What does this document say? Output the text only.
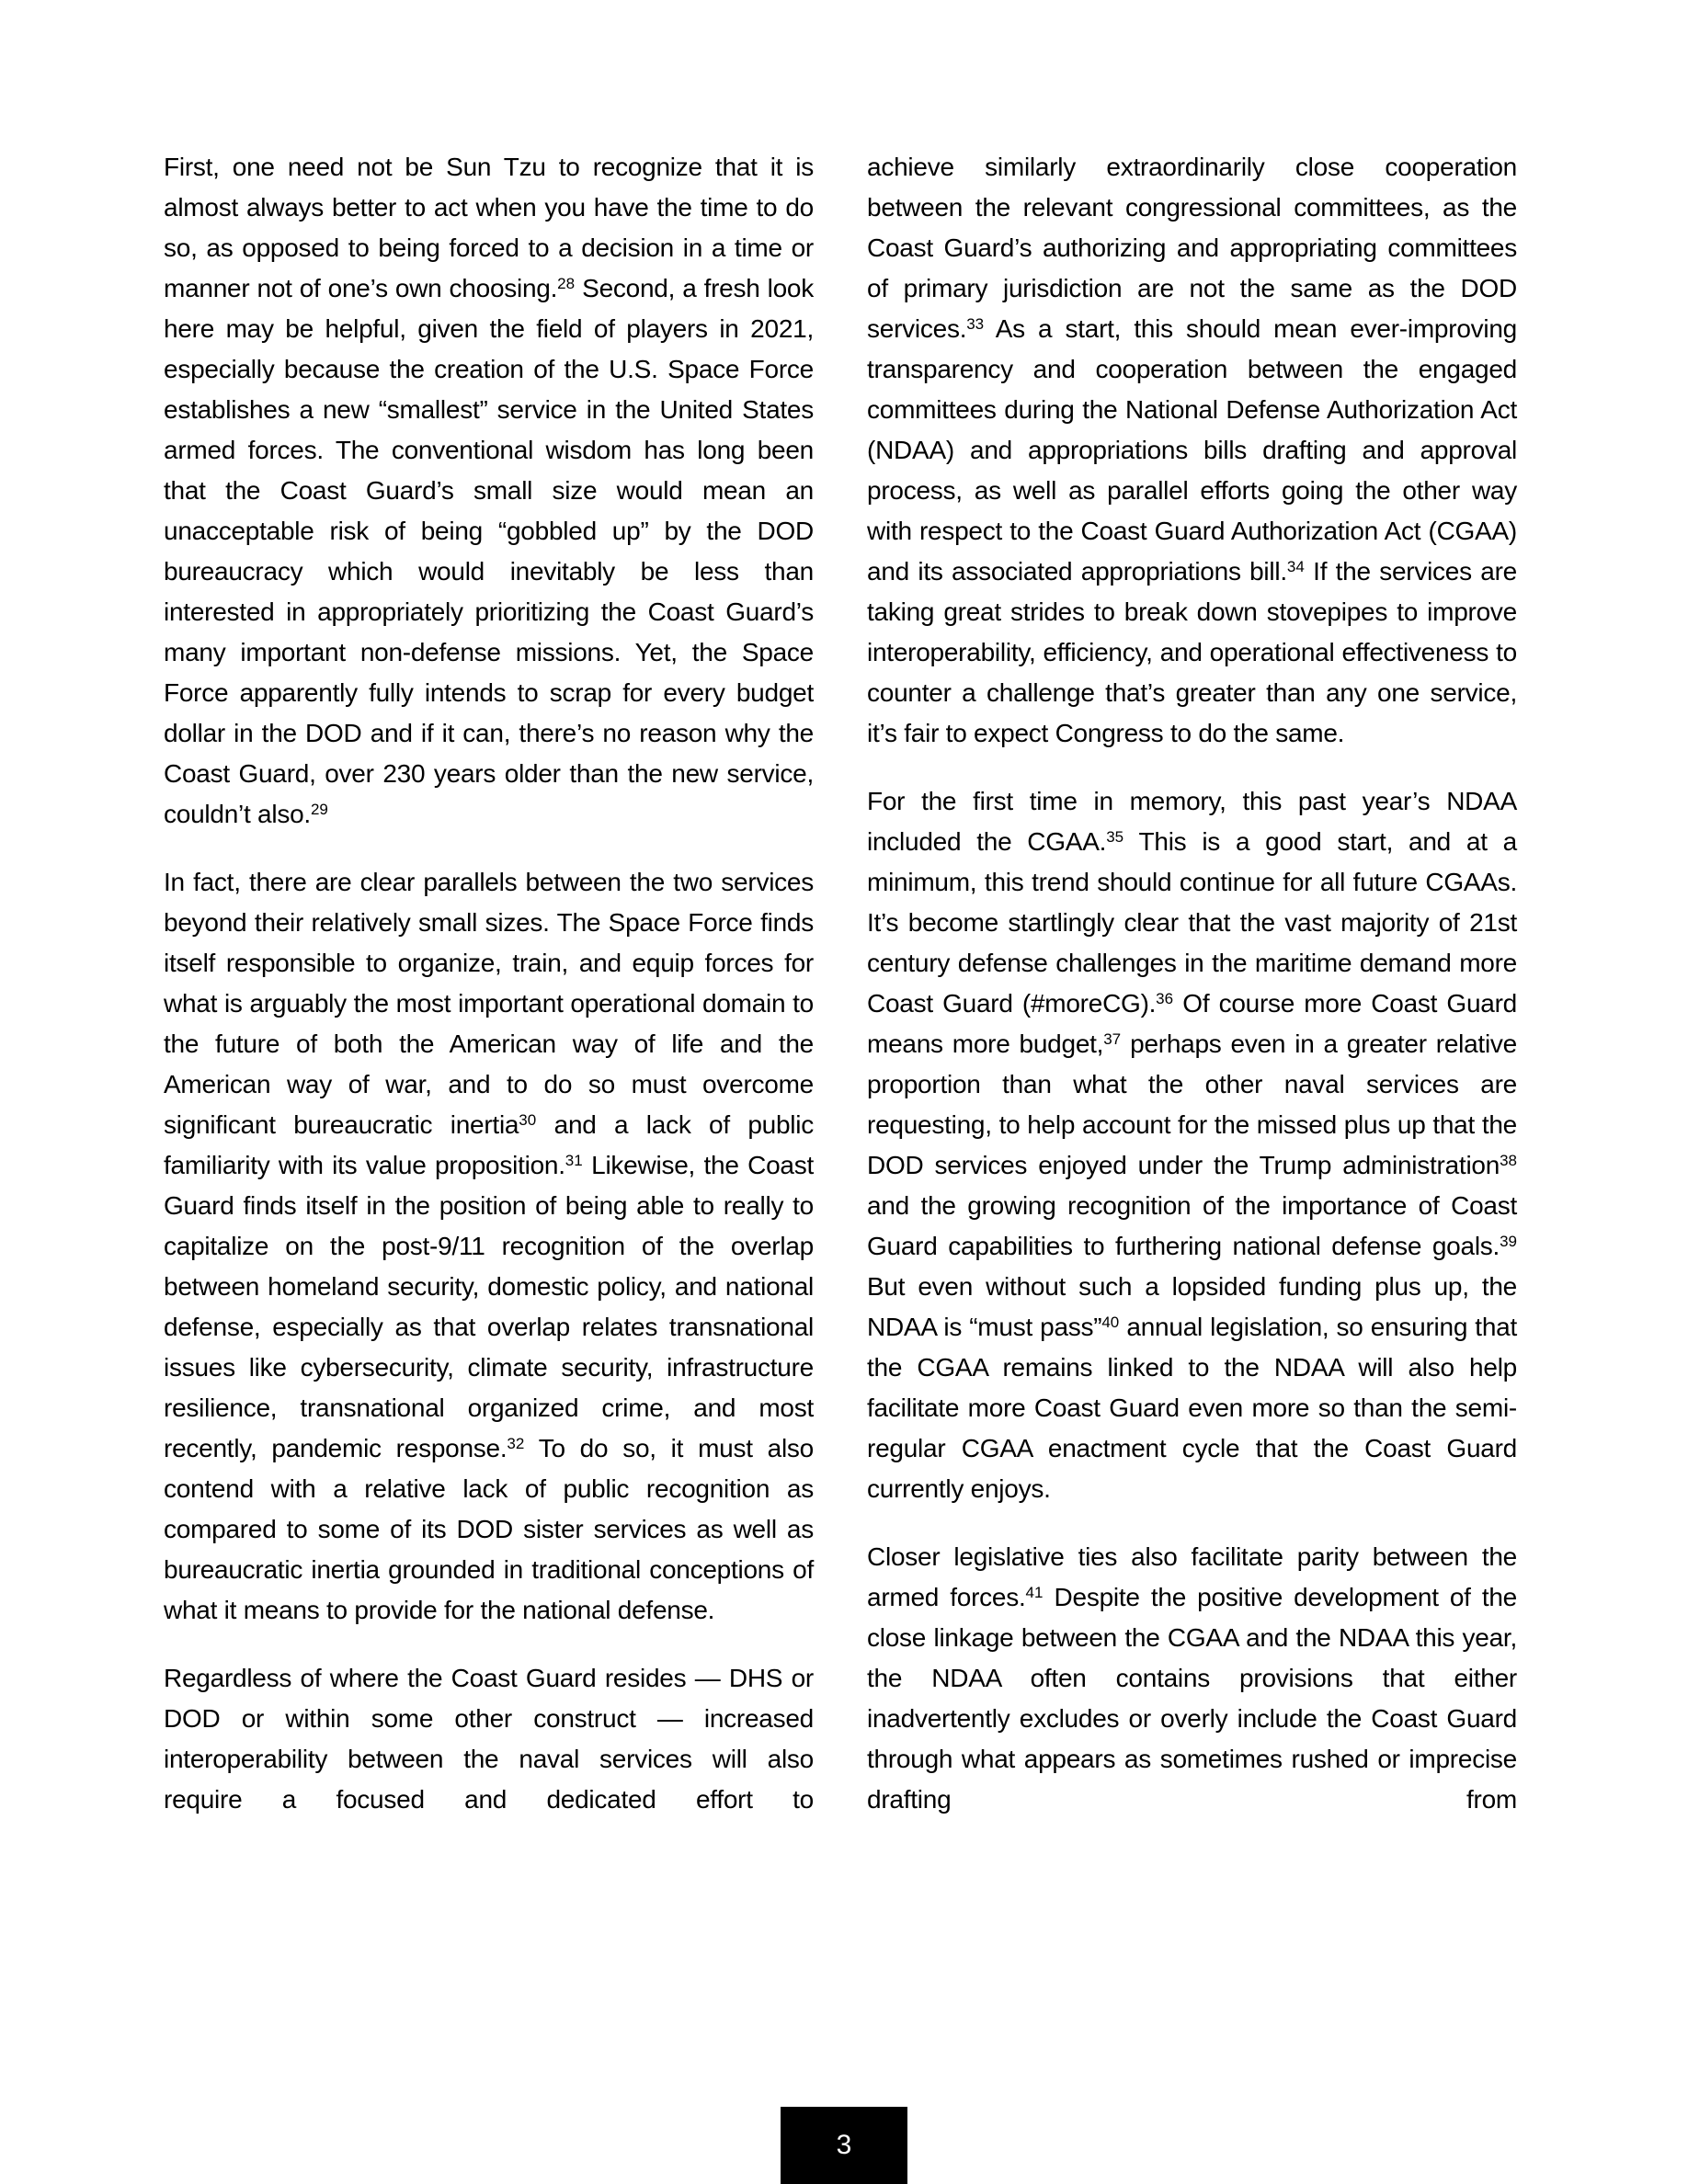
First, one need not be Sun Tzu to recognize that it is almost always better to act when you have the time to do so, as opposed to being forced to a decision in a time or manner not of one’s own choosing.$^{28}$ Second, a fresh look here may be helpful, given the field of players in 2021, especially because the creation of the U.S. Space Force establishes a new “smallest” service in the United States armed forces. The conventional wisdom has long been that the Coast Guard’s small size would mean an unacceptable risk of being “gobbled up” by the DOD bureaucracy which would inevitably be less than interested in appropriately prioritizing the Coast Guard’s many important non-defense missions. Yet, the Space Force apparently fully intends to scrap for every budget dollar in the DOD and if it can, there’s no reason why the Coast Guard, over 230 years older than the new service, couldn’t also.$^{29}$

In fact, there are clear parallels between the two services beyond their relatively small sizes. The Space Force finds itself responsible to organize, train, and equip forces for what is arguably the most important operational domain to the future of both the American way of life and the American way of war, and to do so must overcome significant bureaucratic inertia$^{30}$ and a lack of public familiarity with its value proposition.$^{31}$ Likewise, the Coast Guard finds itself in the position of being able to really to capitalize on the post-9/11 recognition of the overlap between homeland security, domestic policy, and national defense, especially as that overlap relates transnational issues like cybersecurity, climate security, infrastructure resilience, transnational organized crime, and most recently, pandemic response.$^{32}$ To do so, it must also contend with a relative lack of public recognition as compared to some of its DOD sister services as well as bureaucratic inertia grounded in traditional conceptions of what it means to provide for the national defense.

Regardless of where the Coast Guard resides — DHS or DOD or within some other construct — increased interoperability between the naval services will also require a focused and dedicated effort to

achieve similarly extraordinarily close cooperation between the relevant congressional committees, as the Coast Guard’s authorizing and appropriating committees of primary jurisdiction are not the same as the DOD services.$^{33}$ As a start, this should mean ever-improving transparency and cooperation between the engaged committees during the National Defense Authorization Act (NDAA) and appropriations bills drafting and approval process, as well as parallel efforts going the other way with respect to the Coast Guard Authorization Act (CGAA) and its associated appropriations bill.$^{34}$ If the services are taking great strides to break down stovepipes to improve interoperability, efficiency, and operational effectiveness to counter a challenge that’s greater than any one service, it’s fair to expect Congress to do the same.

For the first time in memory, this past year’s NDAA included the CGAA.$^{35}$ This is a good start, and at a minimum, this trend should continue for all future CGAAs. It’s become startlingly clear that the vast majority of 21st century defense challenges in the maritime demand more Coast Guard (#moreCG).$^{36}$ Of course more Coast Guard means more budget,$^{37}$ perhaps even in a greater relative proportion than what the other naval services are requesting, to help account for the missed plus up that the DOD services enjoyed under the Trump administration$^{38}$ and the growing recognition of the importance of Coast Guard capabilities to furthering national defense goals.$^{39}$ But even without such a lopsided funding plus up, the NDAA is “must pass”$^{40}$ annual legislation, so ensuring that the CGAA remains linked to the NDAA will also help facilitate more Coast Guard even more so than the semi-regular CGAA enactment cycle that the Coast Guard currently enjoys.

Closer legislative ties also facilitate parity between the armed forces.$^{41}$ Despite the positive development of the close linkage between the CGAA and the NDAA this year, the NDAA often contains provisions that either inadvertently excludes or overly include the Coast Guard through what appears as sometimes rushed or imprecise drafting from

3
